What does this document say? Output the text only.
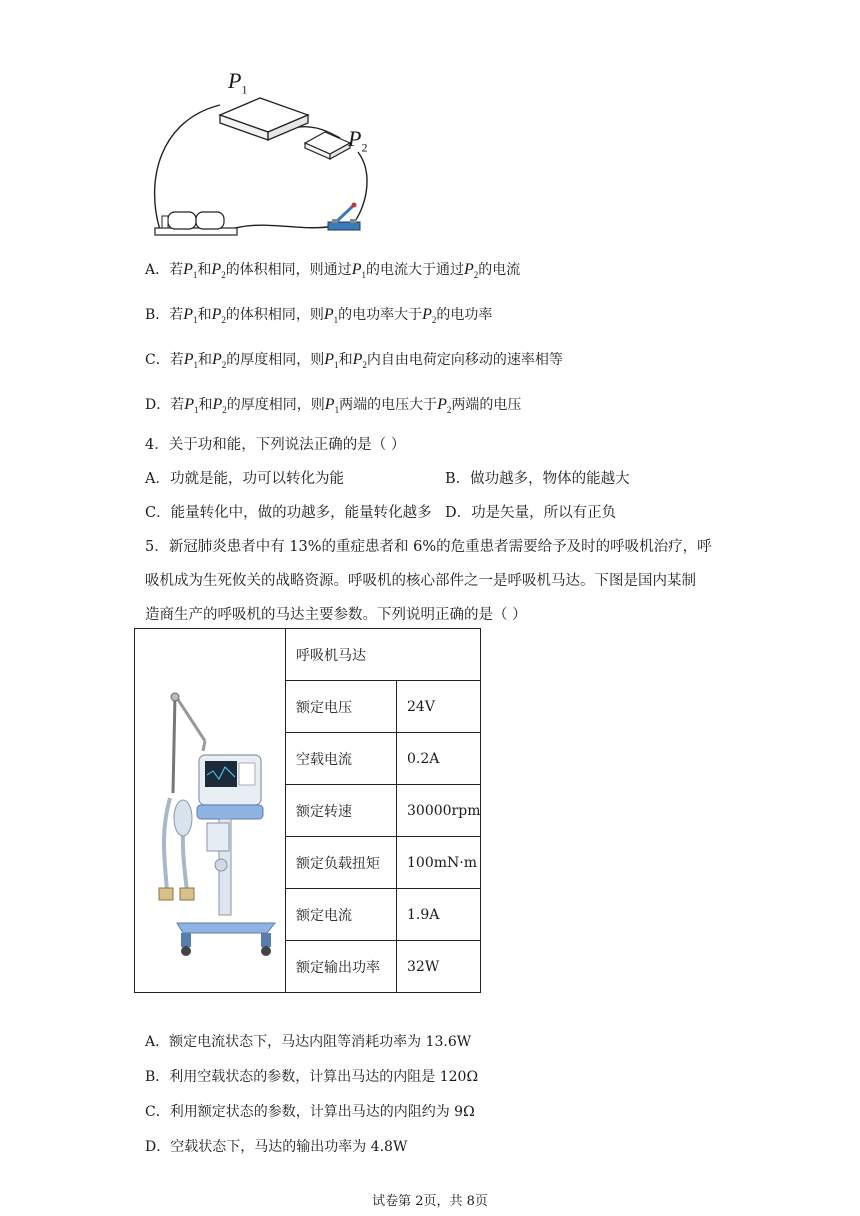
$P_1$
$P_2$
A．若$P_1$和$P_2$的体积相同，则通过$P_1$的电流大于通过$P_2$的电流
B．若$P_1$和$P_2$的体积相同，则$P_1$的电功率大于$P_2$的电功率
C．若$P_1$和$P_2$的厚度相同，则$P_1$和$P_2$内自由电荷定向移动的速率相等
D．若$P_1$和$P_2$的厚度相同，则$P_1$两端的电压大于$P_2$两端的电压
4．关于功和能，下列说法正确的是（ ）
A．功就是能，功可以转化为能	B．做功越多，物体的能越大
C．能量转化中，做的功越多，能量转化越多 D．功是矢量，所以有正负
5．新冠肺炎患者中有 13%的重症患者和 6%的危重患者需要给予及时的呼吸机治疗，呼
吸机成为生死攸关的战略资源。呼吸机的核心部件之一是呼吸机马达。下图是国内某制
造商生产的呼吸机的马达主要参数。下列说明正确的是（ ）
	呼吸机马达	
	额定电压	24V
	空载电流	0.2A
	额定转速	30000rpm
	额定负载扭矩	100mN·m
	额定电流	1.9A
	额定输出功率	32W
A．额定电流状态下，马达内阻等消耗功率为 13.6W
B．利用空载状态的参数，计算出马达的内阻是 120Ω
C．利用额定状态的参数，计算出马达的内阻约为 9Ω
D．空载状态下，马达的输出功率为 4.8W
试卷第 2页，共 8页
